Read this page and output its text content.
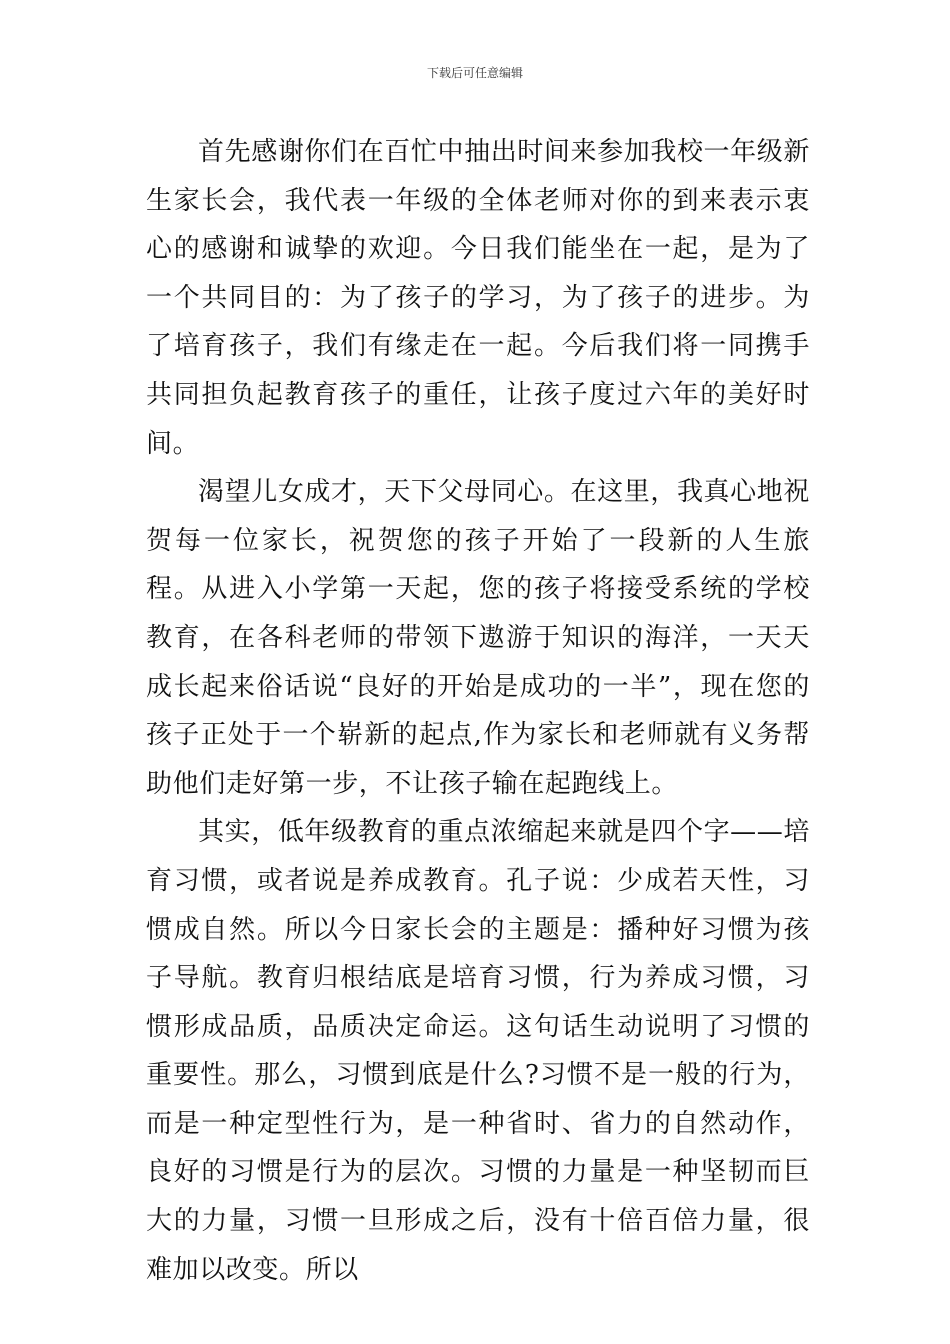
下载后可任意编辑

首先感谢你们在百忙中抽出时间来参加我校一年级新生家长会，我代表一年级的全体老师对你的到来表示衷心的感谢和诚挚的欢迎。今日我们能坐在一起，是为了一个共同目的：为了孩子的学习，为了孩子的进步。为了培育孩子，我们有缘走在一起。今后我们将一同携手共同担负起教育孩子的重任，让孩子度过六年的美好时间。

渴望儿女成才，天下父母同心。在这里，我真心地祝贺每一位家长，祝贺您的孩子开始了一段新的人生旅程。从进入小学第一天起，您的孩子将接受系统的学校教育，在各科老师的带领下遨游于知识的海洋，一天天成长起来俗话说“良好的开始是成功的一半”，现在您的孩子正处于一个崭新的起点,作为家长和老师就有义务帮助他们走好第一步，不让孩子输在起跑线上。

其实，低年级教育的重点浓缩起来就是四个字——培育习惯，或者说是养成教育。孔子说：少成若天性，习惯成自然。所以今日家长会的主题是：播种好习惯为孩子导航。教育归根结底是培育习惯，行为养成习惯，习惯形成品质，品质决定命运。这句话生动说明了习惯的重要性。那么，习惯到底是什么?习惯不是一般的行为，而是一种定型性行为，是一种省时、省力的自然动作，良好的习惯是行为的层次。习惯的力量是一种坚韧而巨大的力量，习惯一旦形成之后，没有十倍百倍力量，很难加以改变。所以
